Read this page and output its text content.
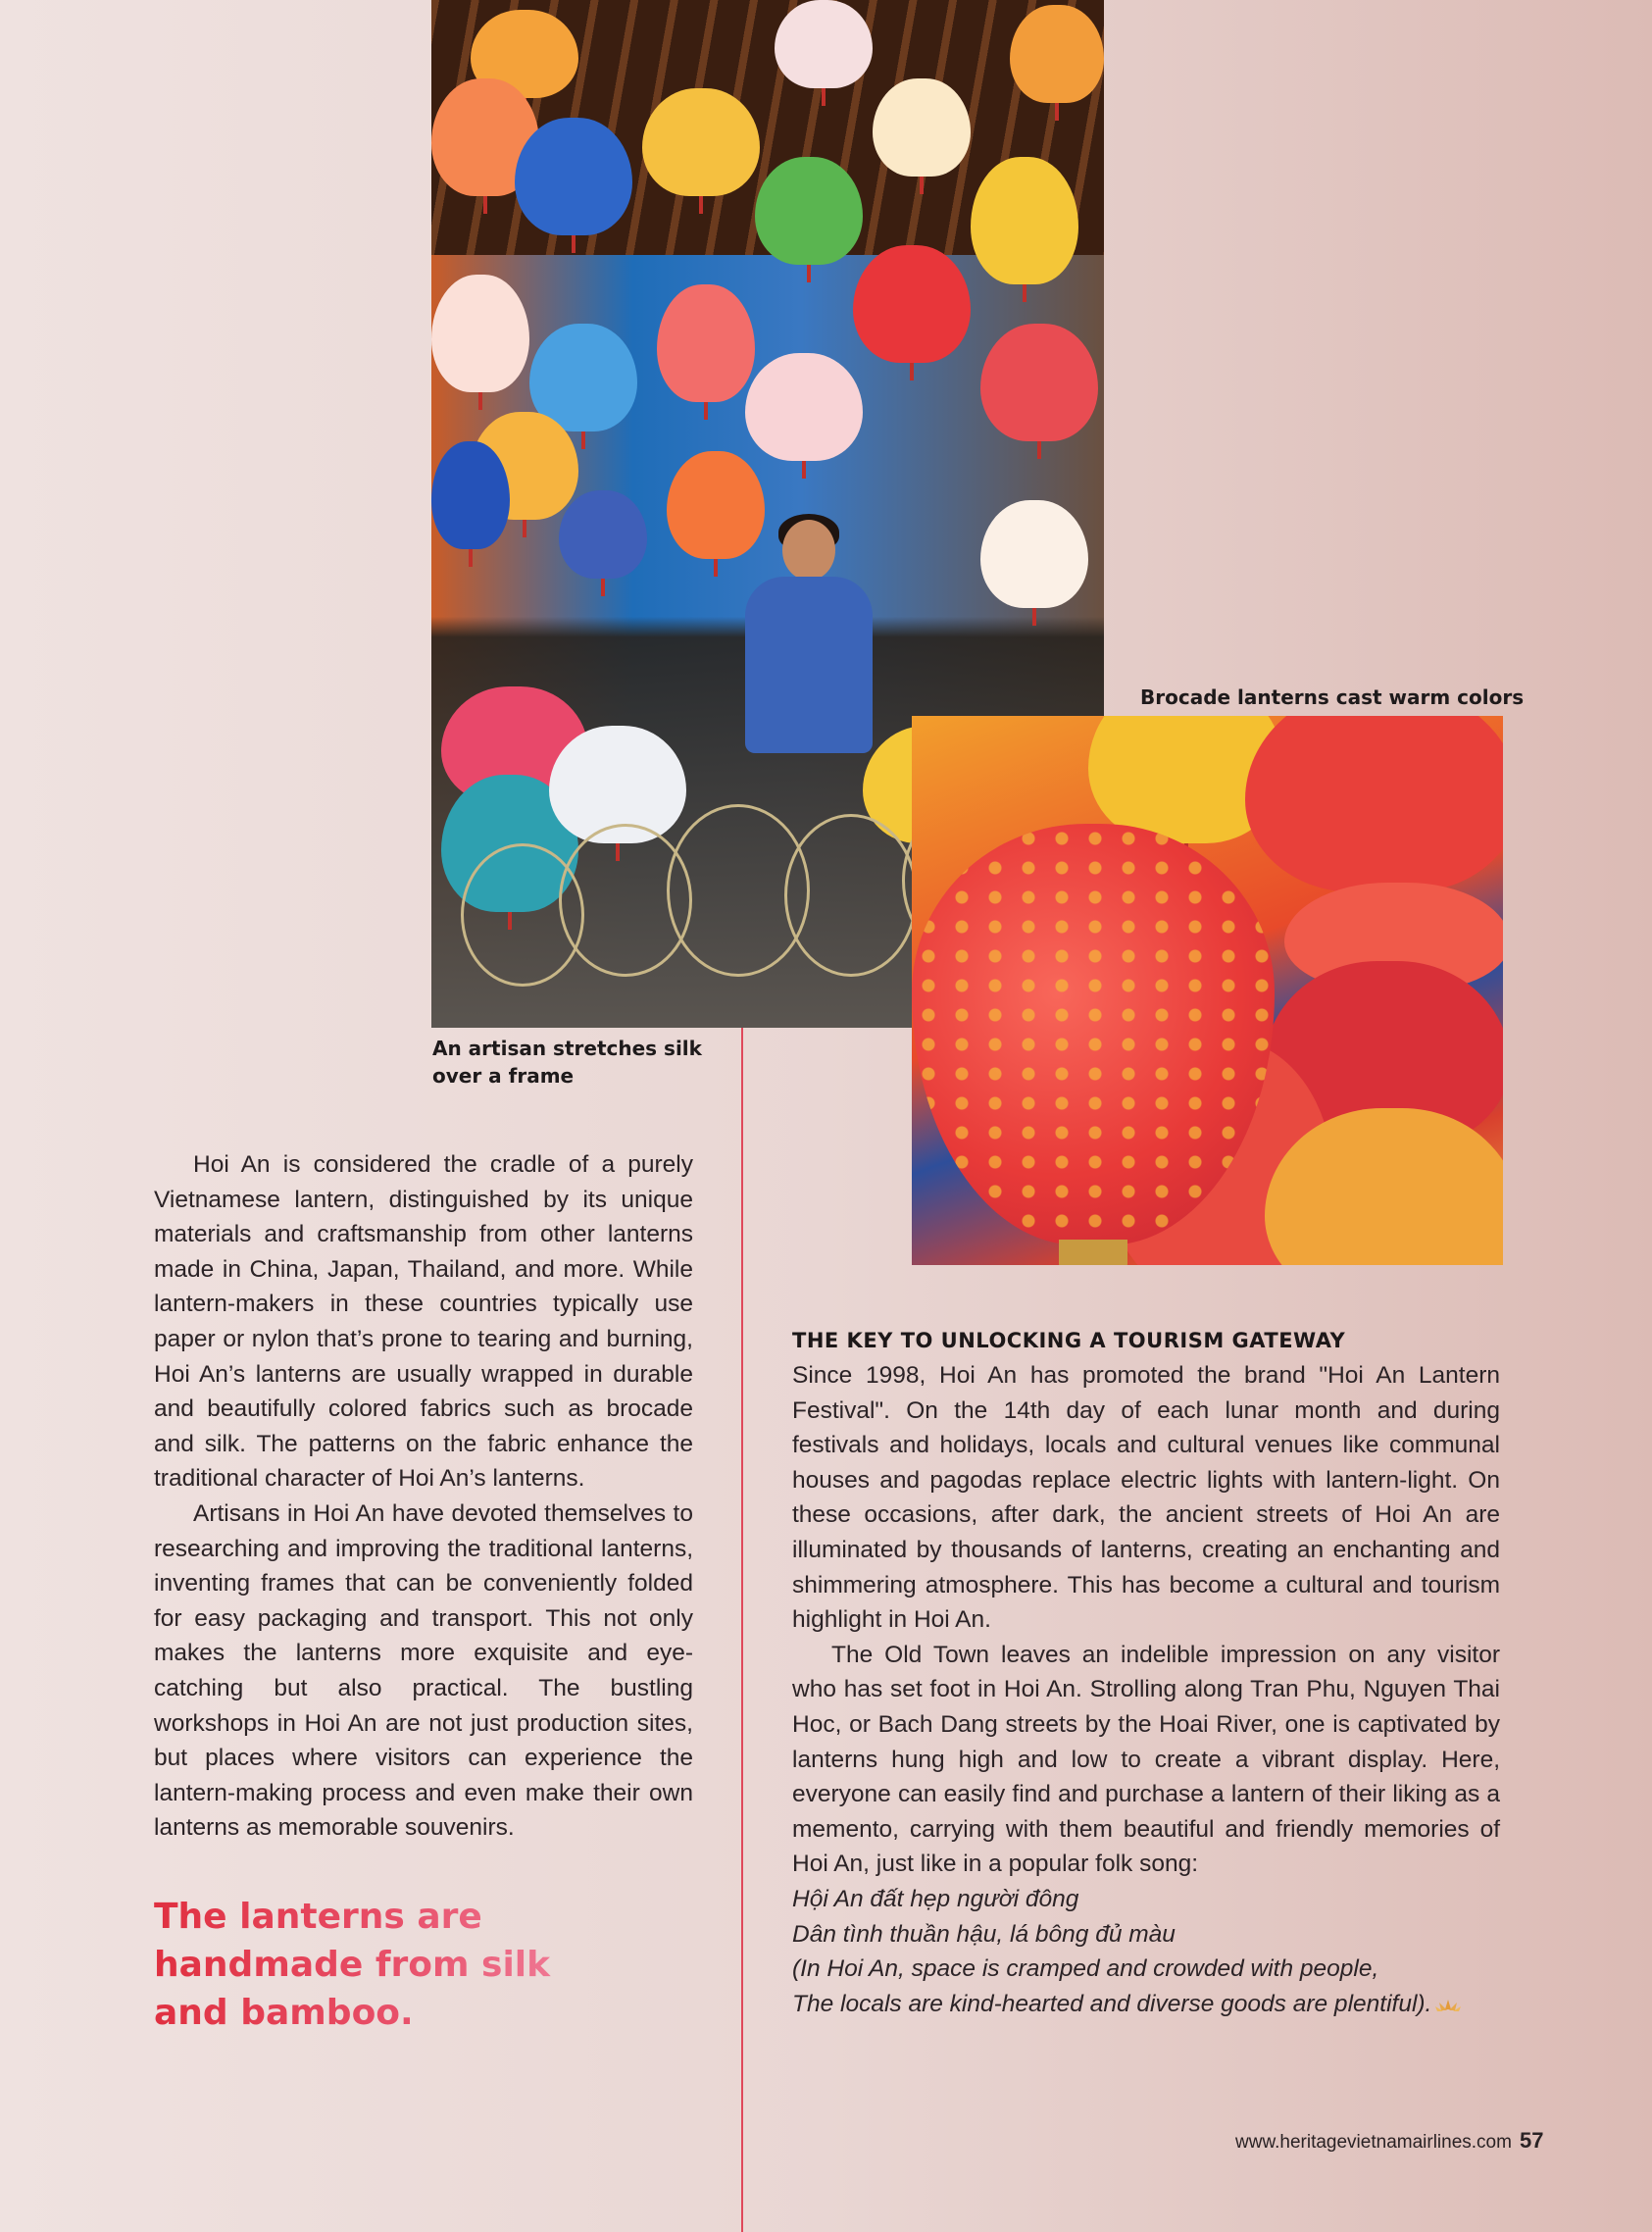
Brocade lanterns cast warm colors
An artisan stretches silk
over a frame

Hoi An is considered the cradle of a purely Vietnamese lantern, distinguished by its unique materials and craftsmanship from other lanterns made in China, Japan, Thailand, and more. While lantern-makers in these countries typically use paper or nylon that’s prone to tearing and burning, Hoi An’s lanterns are usually wrapped in durable and beautifully colored fabrics such as brocade and silk. The patterns on the fabric enhance the traditional character of Hoi An’s lanterns.

Artisans in Hoi An have devoted themselves to researching and improving the traditional lanterns, inventing frames that can be conveniently folded for easy packaging and transport. This not only makes the lanterns more exquisite and eye-catching but also practical. The bustling workshops in Hoi An are not just production sites, but places where visitors can experience the lantern-making process and even make their own lanterns as memorable souvenirs.

The lanterns are
handmade from silk
and bamboo.

THE KEY TO UNLOCKING A TOURISM GATEWAY

Since 1998, Hoi An has promoted the brand "Hoi An Lantern Festival". On the 14th day of each lunar month and during festivals and holidays, locals and cultural venues like communal houses and pagodas replace electric lights with lantern-light. On these occasions, after dark, the ancient streets of Hoi An are illuminated by thousands of lanterns, creating an enchanting and shimmering atmosphere. This has become a cultural and tourism highlight in Hoi An.

The Old Town leaves an indelible impression on any visitor who has set foot in Hoi An. Strolling along Tran Phu, Nguyen Thai Hoc, or Bach Dang streets by the Hoai River, one is captivated by lanterns hung high and low to create a vibrant display. Here, everyone can easily find and purchase a lantern of their liking as a memento, carrying with them beautiful and friendly memories of Hoi An, just like in a popular folk song:

Hội An đất hẹp người đông

Dân tình thuần hậu, lá bông đủ màu

(In Hoi An, space is cramped and crowded with people,

The locals are kind-hearted and diverse goods are plentiful).

www.heritagevietnamairlines.com 57
